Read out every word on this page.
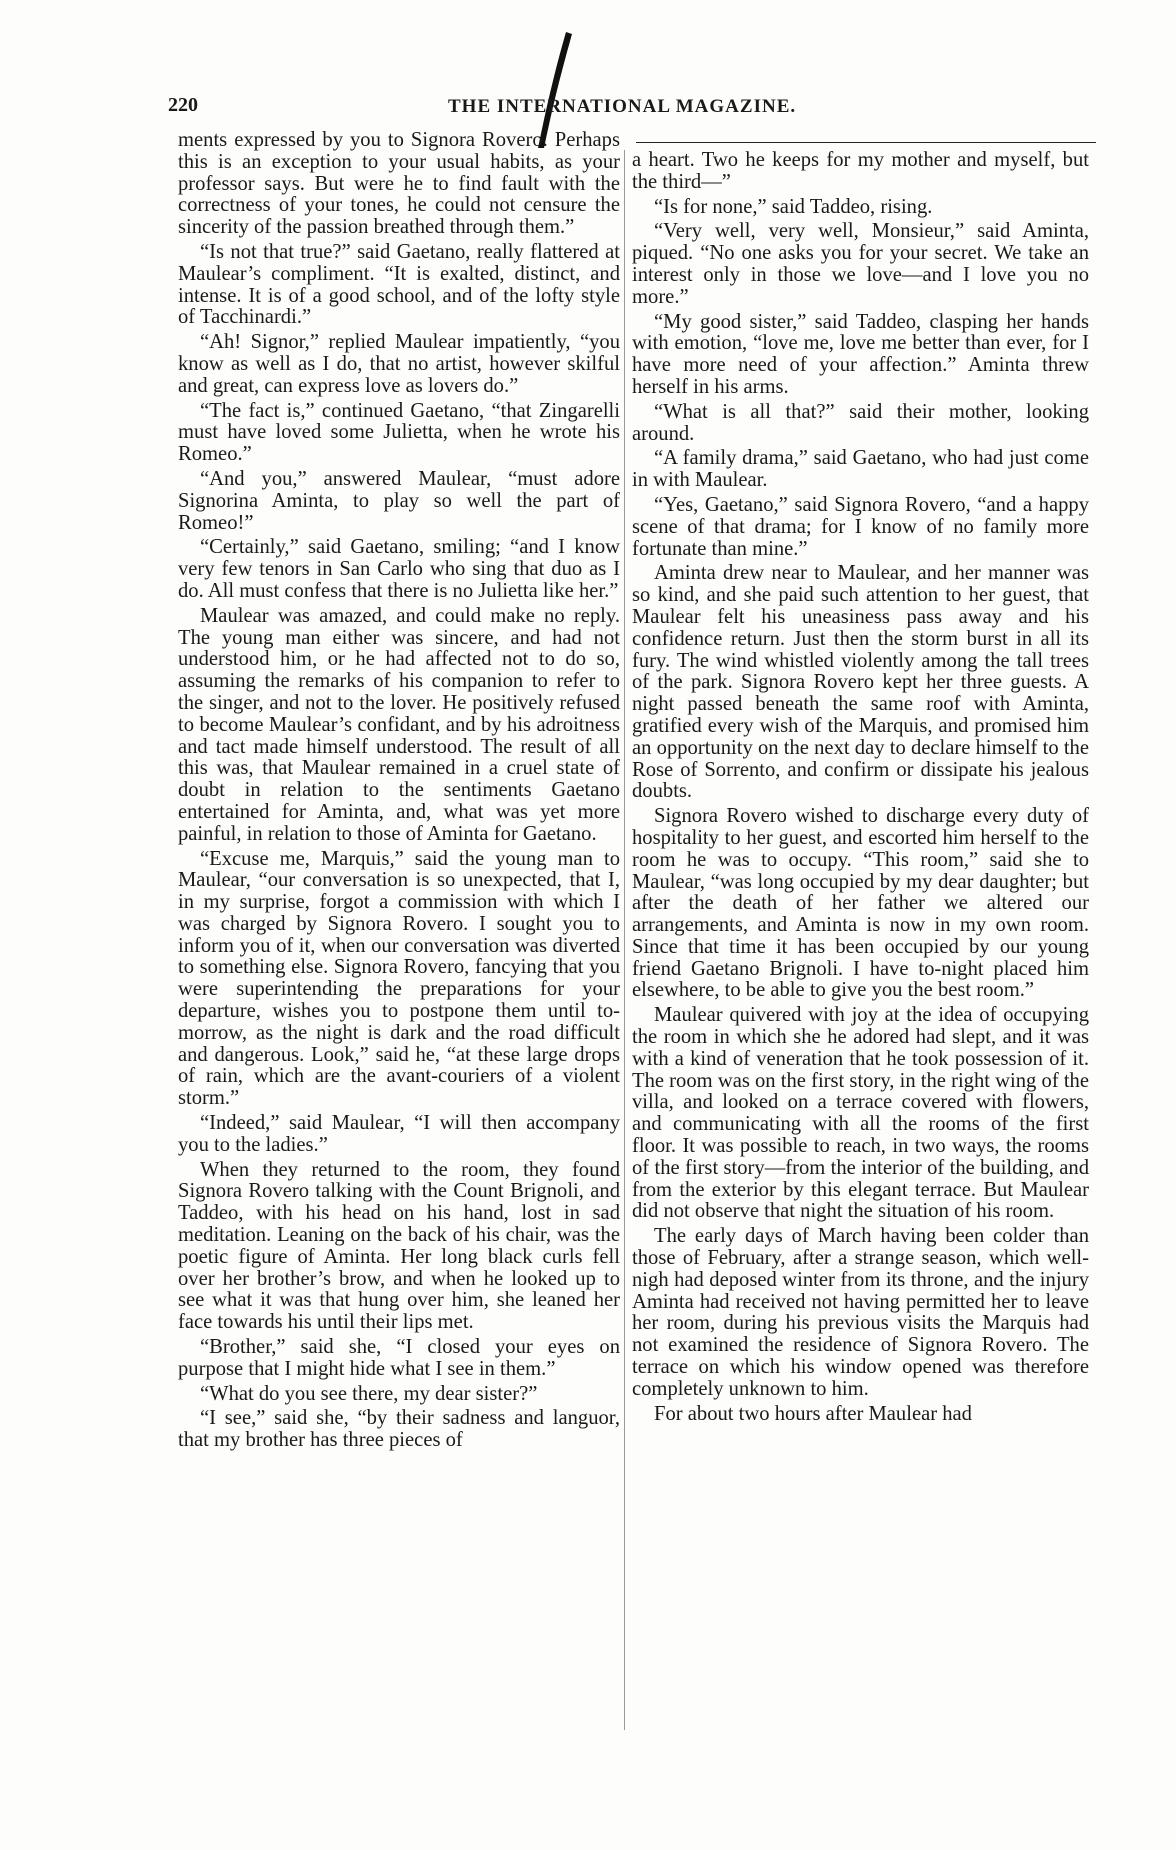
220	THE INTERNATIONAL MAGAZINE.

ments expressed by you to Signora Rovero. Perhaps this is an exception to your usual habits, as your professor says. But were he to find fault with the correctness of your tones, he could not censure the sincerity of the passion breathed through them.”

“Is not that true?” said Gaetano, really flattered at Maulear’s compliment. “It is exalted, distinct, and intense. It is of a good school, and of the lofty style of Tacchinardi.”

“Ah! Signor,” replied Maulear impatiently, “you know as well as I do, that no artist, however skilful and great, can express love as lovers do.”

“The fact is,” continued Gaetano, “that Zingarelli must have loved some Julietta, when he wrote his Romeo.”

“And you,” answered Maulear, “must adore Signorina Aminta, to play so well the part of Romeo!”

“Certainly,” said Gaetano, smiling; “and I know very few tenors in San Carlo who sing that duo as I do. All must confess that there is no Julietta like her.”

Maulear was amazed, and could make no reply. The young man either was sincere, and had not understood him, or he had affected not to do so, assuming the remarks of his companion to refer to the singer, and not to the lover. He positively refused to become Maulear’s confidant, and by his adroitness and tact made himself understood. The result of all this was, that Maulear remained in a cruel state of doubt in relation to the sentiments Gaetano entertained for Aminta, and, what was yet more painful, in relation to those of Aminta for Gaetano.

“Excuse me, Marquis,” said the young man to Maulear, “our conversation is so unexpected, that I, in my surprise, forgot a commission with which I was charged by Signora Rovero. I sought you to inform you of it, when our conversation was diverted to something else. Signora Rovero, fancying that you were superintending the preparations for your departure, wishes you to postpone them until to-morrow, as the night is dark and the road difficult and dangerous. Look,” said he, “at these large drops of rain, which are the avant-couriers of a violent storm.”

“Indeed,” said Maulear, “I will then accompany you to the ladies.”

When they returned to the room, they found Signora Rovero talking with the Count Brignoli, and Taddeo, with his head on his hand, lost in sad meditation. Leaning on the back of his chair, was the poetic figure of Aminta. Her long black curls fell over her brother’s brow, and when he looked up to see what it was that hung over him, she leaned her face towards his until their lips met.

“Brother,” said she, “I closed your eyes on purpose that I might hide what I see in them.”

“What do you see there, my dear sister?”

“I see,” said she, “by their sadness and languor, that my brother has three pieces of

a heart. Two he keeps for my mother and myself, but the third—”

“Is for none,” said Taddeo, rising.

“Very well, very well, Monsieur,” said Aminta, piqued. “No one asks you for your secret. We take an interest only in those we love—and I love you no more.”

“My good sister,” said Taddeo, clasping her hands with emotion, “love me, love me better than ever, for I have more need of your affection.” Aminta threw herself in his arms.

“What is all that?” said their mother, looking around.

“A family drama,” said Gaetano, who had just come in with Maulear.

“Yes, Gaetano,” said Signora Rovero, “and a happy scene of that drama; for I know of no family more fortunate than mine.”

Aminta drew near to Maulear, and her manner was so kind, and she paid such attention to her guest, that Maulear felt his uneasiness pass away and his confidence return. Just then the storm burst in all its fury. The wind whistled violently among the tall trees of the park. Signora Rovero kept her three guests. A night passed beneath the same roof with Aminta, gratified every wish of the Marquis, and promised him an opportunity on the next day to declare himself to the Rose of Sorrento, and confirm or dissipate his jealous doubts.

Signora Rovero wished to discharge every duty of hospitality to her guest, and escorted him herself to the room he was to occupy. “This room,” said she to Maulear, “was long occupied by my dear daughter; but after the death of her father we altered our arrangements, and Aminta is now in my own room. Since that time it has been occupied by our young friend Gaetano Brignoli. I have to-night placed him elsewhere, to be able to give you the best room.”

Maulear quivered with joy at the idea of occupying the room in which she he adored had slept, and it was with a kind of veneration that he took possession of it. The room was on the first story, in the right wing of the villa, and looked on a terrace covered with flowers, and communicating with all the rooms of the first floor. It was possible to reach, in two ways, the rooms of the first story—from the interior of the building, and from the exterior by this elegant terrace. But Maulear did not observe that night the situation of his room.

The early days of March having been colder than those of February, after a strange season, which well-nigh had deposed winter from its throne, and the injury Aminta had received not having permitted her to leave her room, during his previous visits the Marquis had not examined the residence of Signora Rovero. The terrace on which his window opened was therefore completely unknown to him.

For about two hours after Maulear had
